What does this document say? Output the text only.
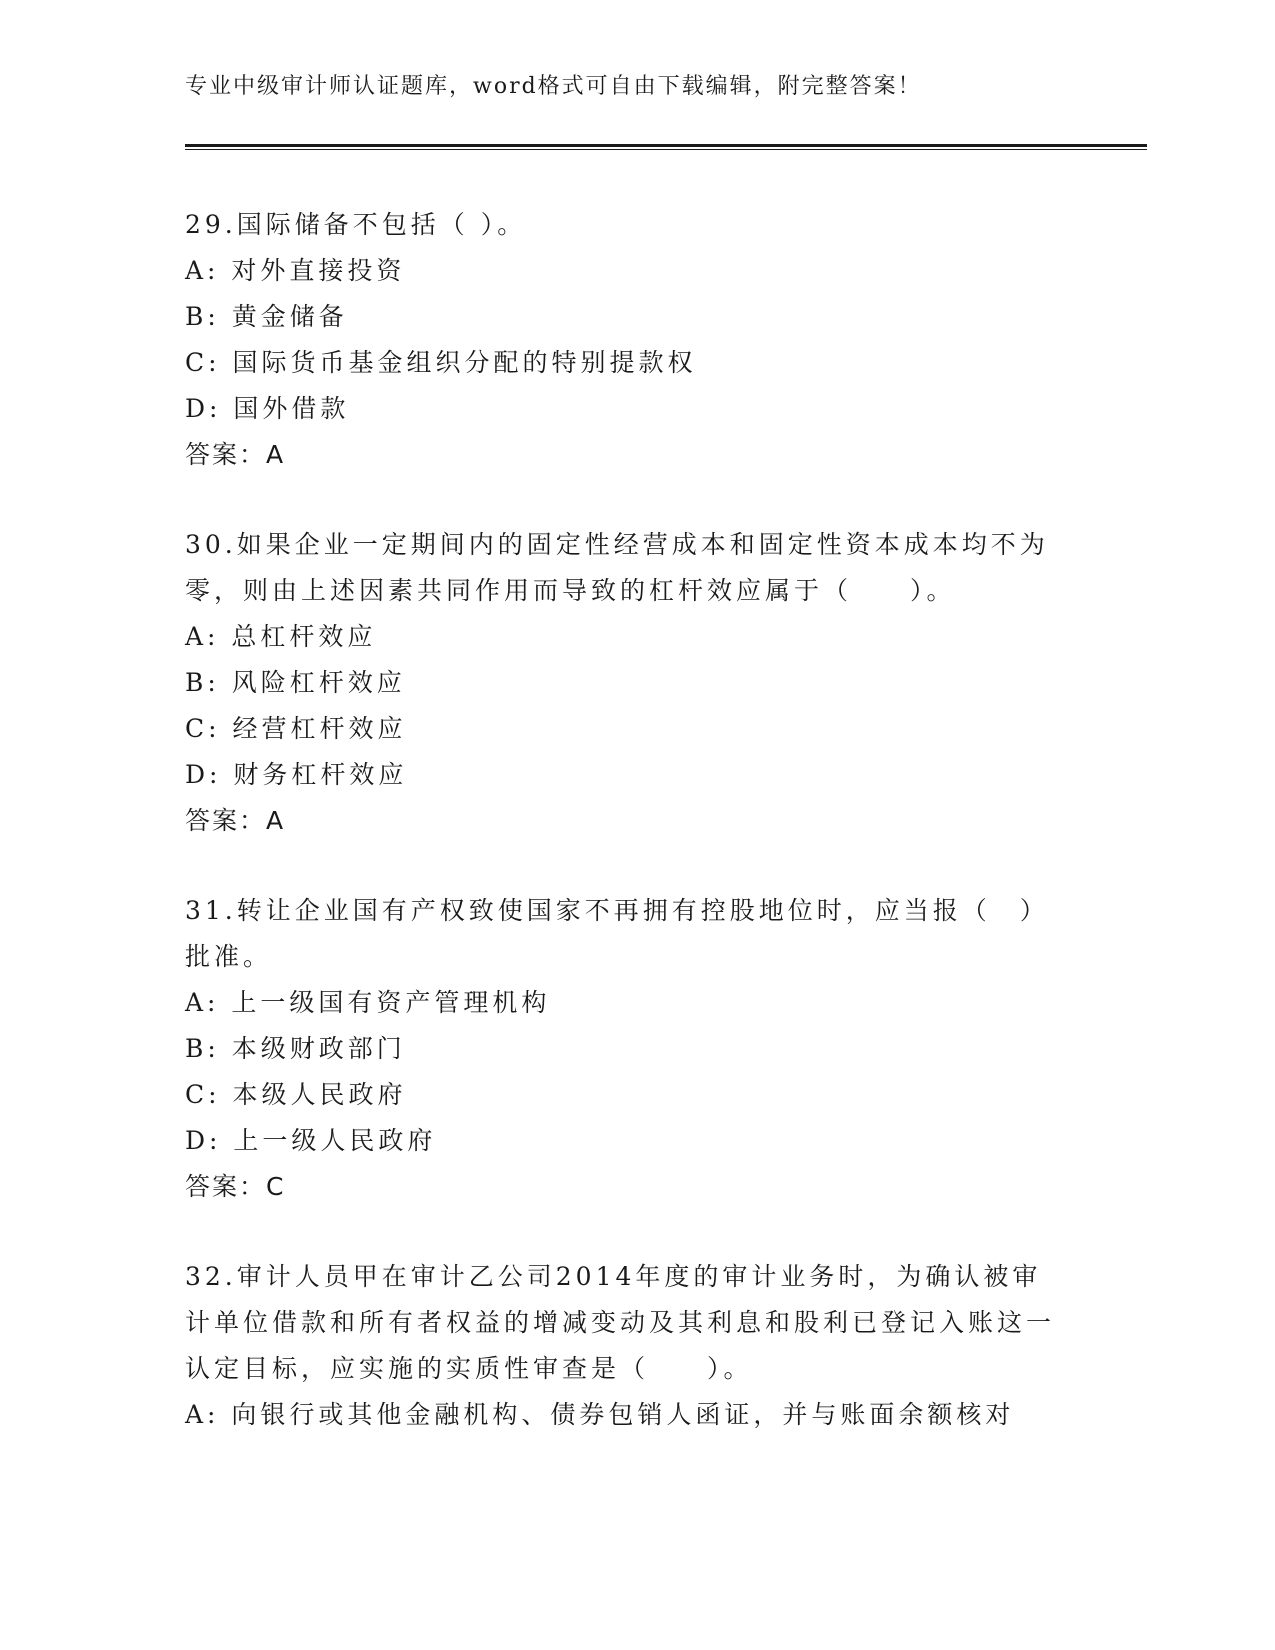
专业中级审计师认证题库，word格式可自由下载编辑，附完整答案！

29.国际储备不包括（ ）。

A: 对外直接投资

B: 黄金储备

C: 国际货币基金组织分配的特别提款权

D: 国外借款

答案：A

30.如果企业一定期间内的固定性经营成本和固定性资本成本均不为零，则由上述因素共同作用而导致的杠杆效应属于（　　）。

A: 总杠杆效应

B: 风险杠杆效应

C: 经营杠杆效应

D: 财务杠杆效应

答案：A

31.转让企业国有产权致使国家不再拥有控股地位时，应当报（　）批准。

A: 上一级国有资产管理机构

B: 本级财政部门

C: 本级人民政府

D: 上一级人民政府

答案：C

32.审计人员甲在审计乙公司2014年度的审计业务时，为确认被审计单位借款和所有者权益的增减变动及其利息和股利已登记入账这一认定目标，应实施的实质性审查是（　　）。

A: 向银行或其他金融机构、债券包销人函证，并与账面余额核对
